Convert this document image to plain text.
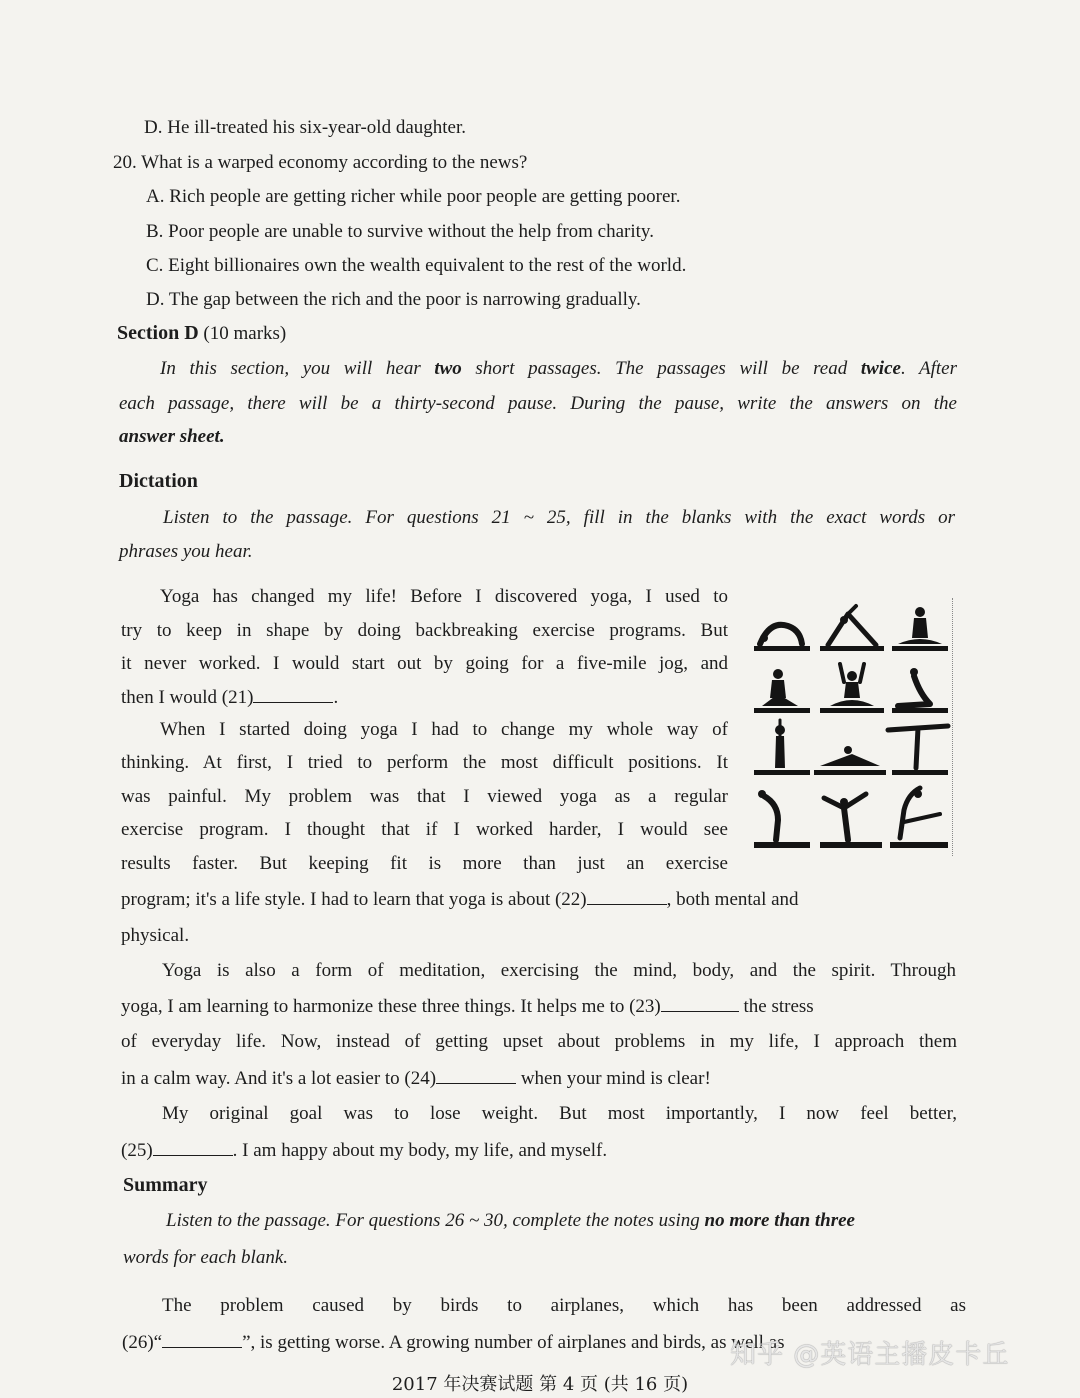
D. He ill-treated his six-year-old daughter.
20. What is a warped economy according to the news?
A. Rich people are getting richer while poor people are getting poorer.
B. Poor people are unable to survive without the help from charity.
C. Eight billionaires own the wealth equivalent to the rest of the world.
D. The gap between the rich and the poor is narrowing gradually.
Section D (10 marks)
In this section, you will hear two short passages. The passages will be read twice. After
each passage, there will be a thirty-second pause. During the pause, write the answers on the
answer sheet.
Dictation
Listen to the passage. For questions 21 ~ 25, fill in the blanks with the exact words or
phrases you hear.
Yoga has changed my life! Before I discovered yoga, I used to
try to keep in shape by doing backbreaking exercise programs. But
it never worked. I would start out by going for a five-mile jog, and
then I would (21)	.
When I started doing yoga I had to change my whole way of
thinking. At first, I tried to perform the most difficult positions. It
was painful. My problem was that I viewed yoga as a regular
exercise program. I thought that if I worked harder, I would see
results faster. But keeping fit is more than just an exercise
program; it's a life style. I had to learn that yoga is about (22)	, both mental and
physical.
Yoga is also a form of meditation, exercising the mind, body, and the spirit. Through
yoga, I am learning to harmonize these three things. It helps me to (23)	the stress
of everyday life. Now, instead of getting upset about problems in my life, I approach them
in a calm way. And it's a lot easier to (24)	when your mind is clear!
My original goal was to lose weight. But most importantly, I now feel better,
(25)	. I am happy about my body, my life, and myself.
Summary
Listen to the passage. For questions 26 ~ 30, complete the notes using no more than three
words for each blank.
The problem caused by birds to airplanes, which has been addressed as
(26)“	”, is getting worse. A growing number of airplanes and birds, as well as
知乎 @英语主播皮卡丘
2017 年决赛试题 第 4 页 (共 16 页)
